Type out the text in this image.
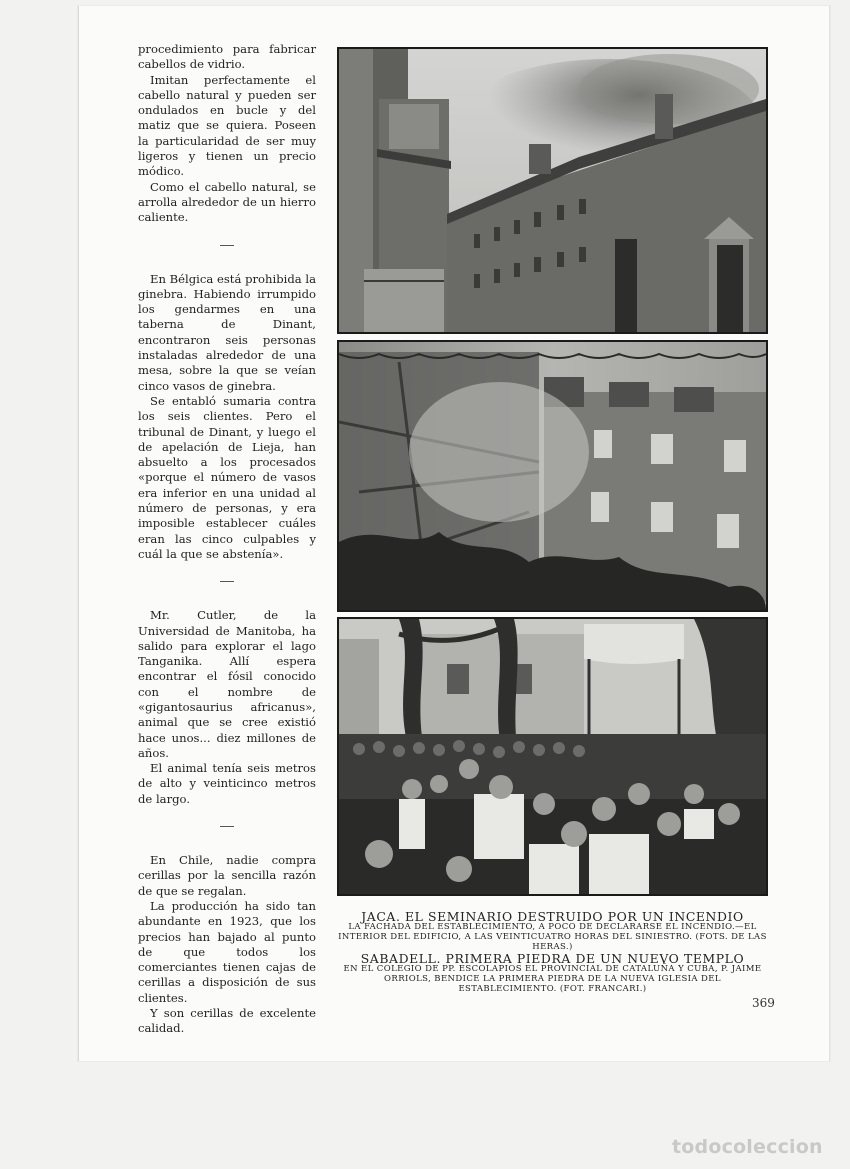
procedimiento para fabricar cabellos de vidrio.

Imitan perfectamente el cabello natural y pueden ser ondulados en bucle y del matiz que se quiera. Poseen la particularidad de ser muy ligeros y tienen un precio módico.

Como el cabello natural, se arrolla alrededor de un hierro caliente.

En Bélgica está prohibida la ginebra. Habiendo irrumpido los gendarmes en una taberna de Dinant, encontraron seis personas instaladas alrededor de una mesa, sobre la que se veían cinco vasos de ginebra.

Se entabló sumaria contra los seis clientes. Pero el tribunal de Dinant, y luego el de apelación de Lieja, han absuelto a los procesados «porque el número de vasos era inferior en una unidad al número de personas, y era imposible establecer cuáles eran las cinco culpables y cuál la que se abstenía».

Mr. Cutler, de la Universidad de Manitoba, ha salido para explorar el lago Tanganika. Allí espera encontrar el fósil conocido con el nombre de «gigantosaurius africanus», animal que se cree existió hace unos... diez millones de años.

El animal tenía seis metros de alto y veinticinco metros de largo.

En Chile, nadie compra cerillas por la sencilla razón de que se regalan.

La producción ha sido tan abundante en 1923, que los precios han bajado al punto de que todos los comerciantes tienen cajas de cerillas a disposición de sus clientes.

Y son cerillas de excelente calidad.

JACA. EL SEMINARIO DESTRUIDO POR UN INCENDIO
LA FACHADA DEL ESTABLECIMIENTO, A POCO DE DECLARARSE EL INCENDIO.—EL INTERIOR DEL EDIFICIO, A LAS VEINTICUATRO HORAS DEL SINIESTRO. (FOTS. DE LAS HERAS.)
SABADELL. PRIMERA PIEDRA DE UN NUEVO TEMPLO
EN EL COLEGIO DE PP. ESCOLAPIOS EL PROVINCIAL DE CATALUÑA Y CUBA, P. JAIME ORRIOLS, BENDICE LA PRIMERA PIEDRA DE LA NUEVA IGLESIA DEL ESTABLECIMIENTO. (FOT. FRANCARI.)
369
todocoleccion
